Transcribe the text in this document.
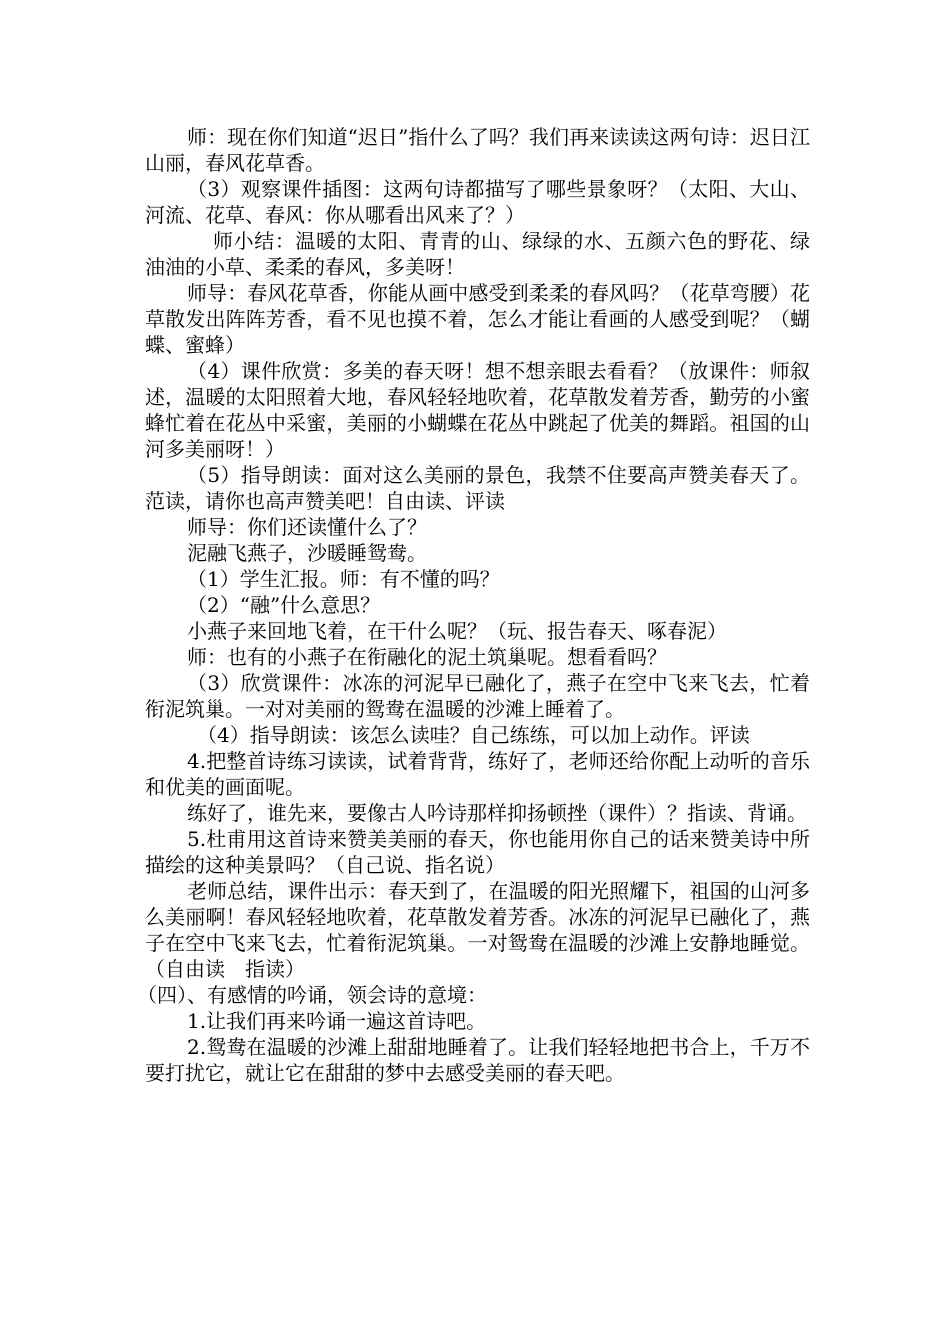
师：现在你们知道“迟日”指什么了吗？我们再来读读这两句诗：迟日江山丽，春风花草香。

（3）观察课件插图：这两句诗都描写了哪些景象呀？（太阳、大山、河流、花草、春风：你从哪看出风来了？）

师小结：温暖的太阳、青青的山、绿绿的水、五颜六色的野花、绿油油的小草、柔柔的春风，多美呀！

师导：春风花草香，你能从画中感受到柔柔的春风吗？（花草弯腰）花草散发出阵阵芳香，看不见也摸不着，怎么才能让看画的人感受到呢？（蝴蝶、蜜蜂）

（4）课件欣赏：多美的春天呀！想不想亲眼去看看？（放课件：师叙述，温暖的太阳照着大地，春风轻轻地吹着，花草散发着芳香，勤劳的小蜜蜂忙着在花丛中采蜜，美丽的小蝴蝶在花丛中跳起了优美的舞蹈。祖国的山河多美丽呀！）

（5）指导朗读：面对这么美丽的景色，我禁不住要高声赞美春天了。范读，请你也高声赞美吧！自由读、评读

师导：你们还读懂什么了？

泥融飞燕子，沙暖睡鸳鸯。

（1）学生汇报。师：有不懂的吗？

（2）“融”什么意思？

小燕子来回地飞着，在干什么呢？（玩、报告春天、啄春泥）

师：也有的小燕子在衔融化的泥土筑巢呢。想看看吗？

（3）欣赏课件：冰冻的河泥早已融化了，燕子在空中飞来飞去，忙着衔泥筑巢。一对对美丽的鸳鸯在温暖的沙滩上睡着了。

（4）指导朗读：该怎么读哇？自己练练，可以加上动作。评读

4.把整首诗练习读读，试着背背，练好了，老师还给你配上动听的音乐和优美的画面呢。

练好了，谁先来，要像古人吟诗那样抑扬顿挫（课件）？指读、背诵。

5.杜甫用这首诗来赞美美丽的春天，你也能用你自己的话来赞美诗中所描绘的这种美景吗？（自己说、指名说）

老师总结，课件出示：春天到了，在温暖的阳光照耀下，祖国的山河多么美丽啊！春风轻轻地吹着，花草散发着芳香。冰冻的河泥早已融化了，燕子在空中飞来飞去，忙着衔泥筑巢。一对鸳鸯在温暖的沙滩上安静地睡觉。（自由读　指读）

（四）、有感情的吟诵，领会诗的意境：

1.让我们再来吟诵一遍这首诗吧。

2.鸳鸯在温暖的沙滩上甜甜地睡着了。让我们轻轻地把书合上，千万不要打扰它，就让它在甜甜的梦中去感受美丽的春天吧。
